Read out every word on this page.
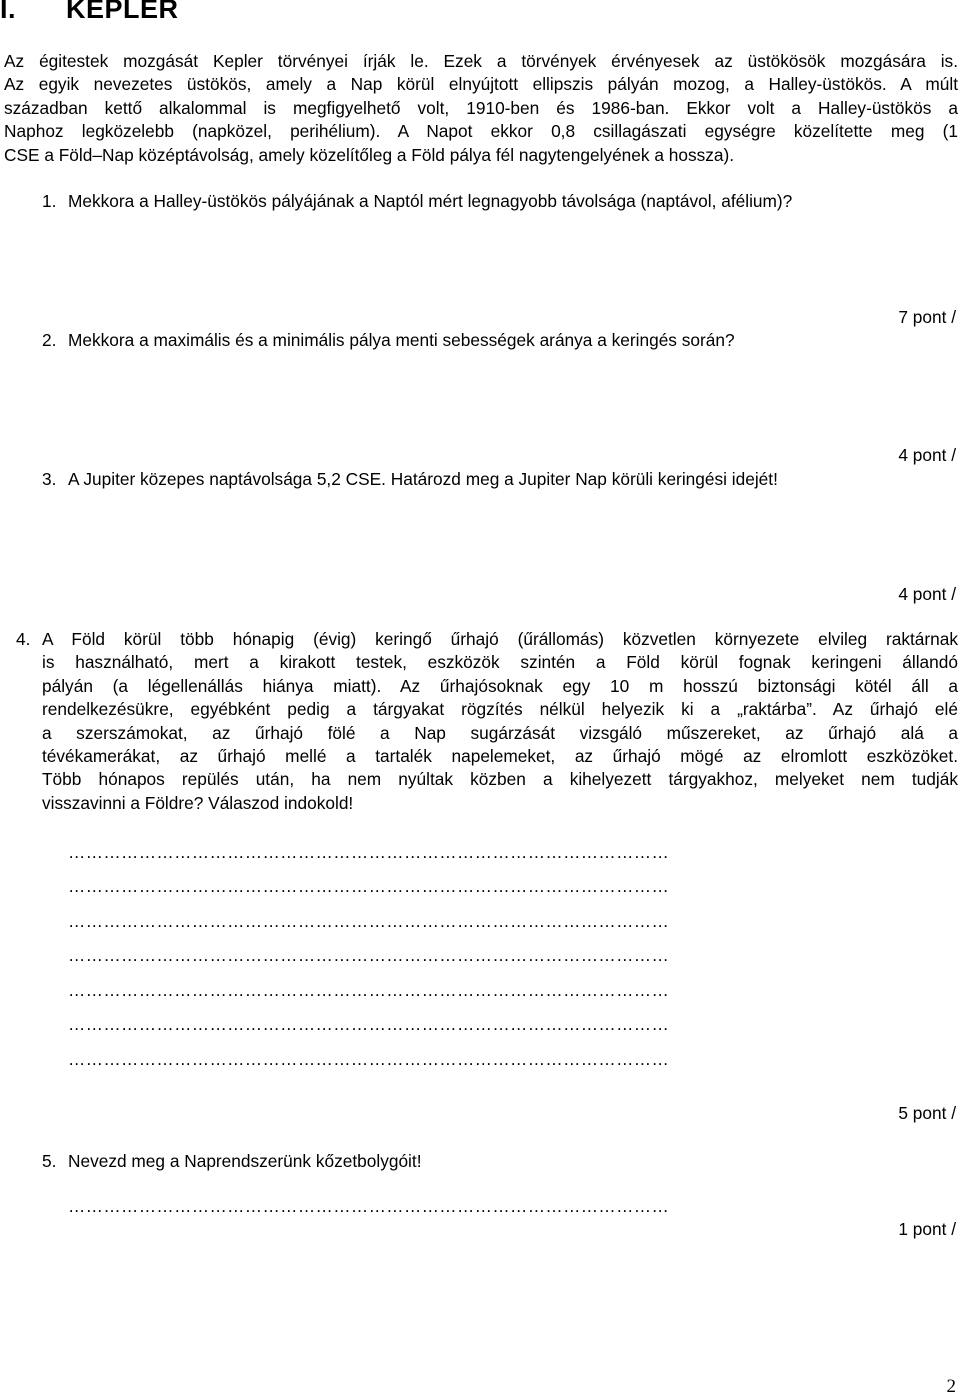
I. KEPLER
Az égitestek mozgását Kepler törvényei írják le. Ezek a törvények érvényesek az üstökösök mozgására is.
Az egyik nevezetes üstökös, amely a Nap körül elnyújtott ellipszis pályán mozog, a Halley-üstökös. A múlt
században kettő alkalommal is megfigyelhető volt, 1910-ben és 1986-ban. Ekkor volt a Halley-üstökös a
Naphoz legközelebb (napközel, perihélium). A Napot ekkor 0,8 csillagászati egységre közelítette meg (1
CSE a Föld–Nap középtávolság, amely közelítőleg a Föld pálya fél nagytengelyének a hossza).
1. Mekkora a Halley-üstökös pályájának a Naptól mért legnagyobb távolsága (naptávol, afélium)?
7 pont /
2. Mekkora a maximális és a minimális pálya menti sebességek aránya a keringés során?
4 pont /
3. A Jupiter közepes naptávolsága 5,2 CSE. Határozd meg a Jupiter Nap körüli keringési idejét!
4 pont /
4. A Föld körül több hónapig (évig) keringő űrhajó (űrállomás) közvetlen környezete elvileg raktárnak
is használható, mert a kirakott testek, eszközök szintén a Föld körül fognak keringeni állandó
pályán (a légellenállás hiánya miatt). Az űrhajósoknak egy 10 m hosszú biztonsági kötél áll a
rendelkezésükre, egyébként pedig a tárgyakat rögzítés nélkül helyezik ki a „raktárba”. Az űrhajó elé
a szerszámokat, az űrhajó fölé a Nap sugárzását vizsgáló műszereket, az űrhajó alá a
tévékamerákat, az űrhajó mellé a tartalék napelemeket, az űrhajó mögé az elromlott eszközöket.
Több hónapos repülés után, ha nem nyúltak közben a kihelyezett tárgyakhoz, melyeket nem tudják
visszavinni a Földre? Válaszod indokold!
…………………………………………………………………………………………
…………………………………………………………………………………………
…………………………………………………………………………………………
…………………………………………………………………………………………
…………………………………………………………………………………………
…………………………………………………………………………………………
…………………………………………………………………………………………
5 pont /
5. Nevezd meg a Naprendszerünk kőzetbolygóit!
…………………………………………………………………………………………
1 pont /
2
